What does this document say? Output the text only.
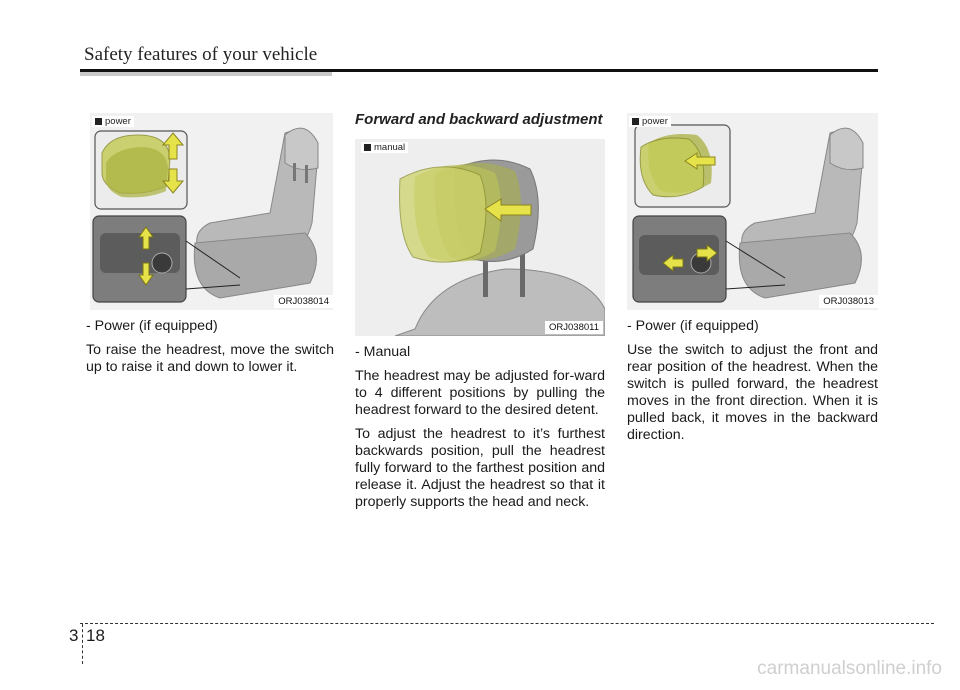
Safety features of your vehicle
power
ORJ038014
Forward and backward adjustment
manual
ORJ038011
power
ORJ038013

- Power (if equipped)

To raise the headrest, move the switch up to raise it and down to lower it.

- Manual

The headrest may be adjusted for-ward to 4 different positions by pulling the headrest forward to the desired detent.

To adjust the headrest to it’s furthest backwards position, pull the headrest fully forward to the farthest position and release it. Adjust the headrest so that it properly supports the head and neck.

- Power (if equipped)

Use the switch to adjust the front and rear position of the headrest. When the switch is pulled forward, the headrest moves in the front direction. When it is pulled back, it moves in the backward direction.

3 18
carmanualsonline.info
